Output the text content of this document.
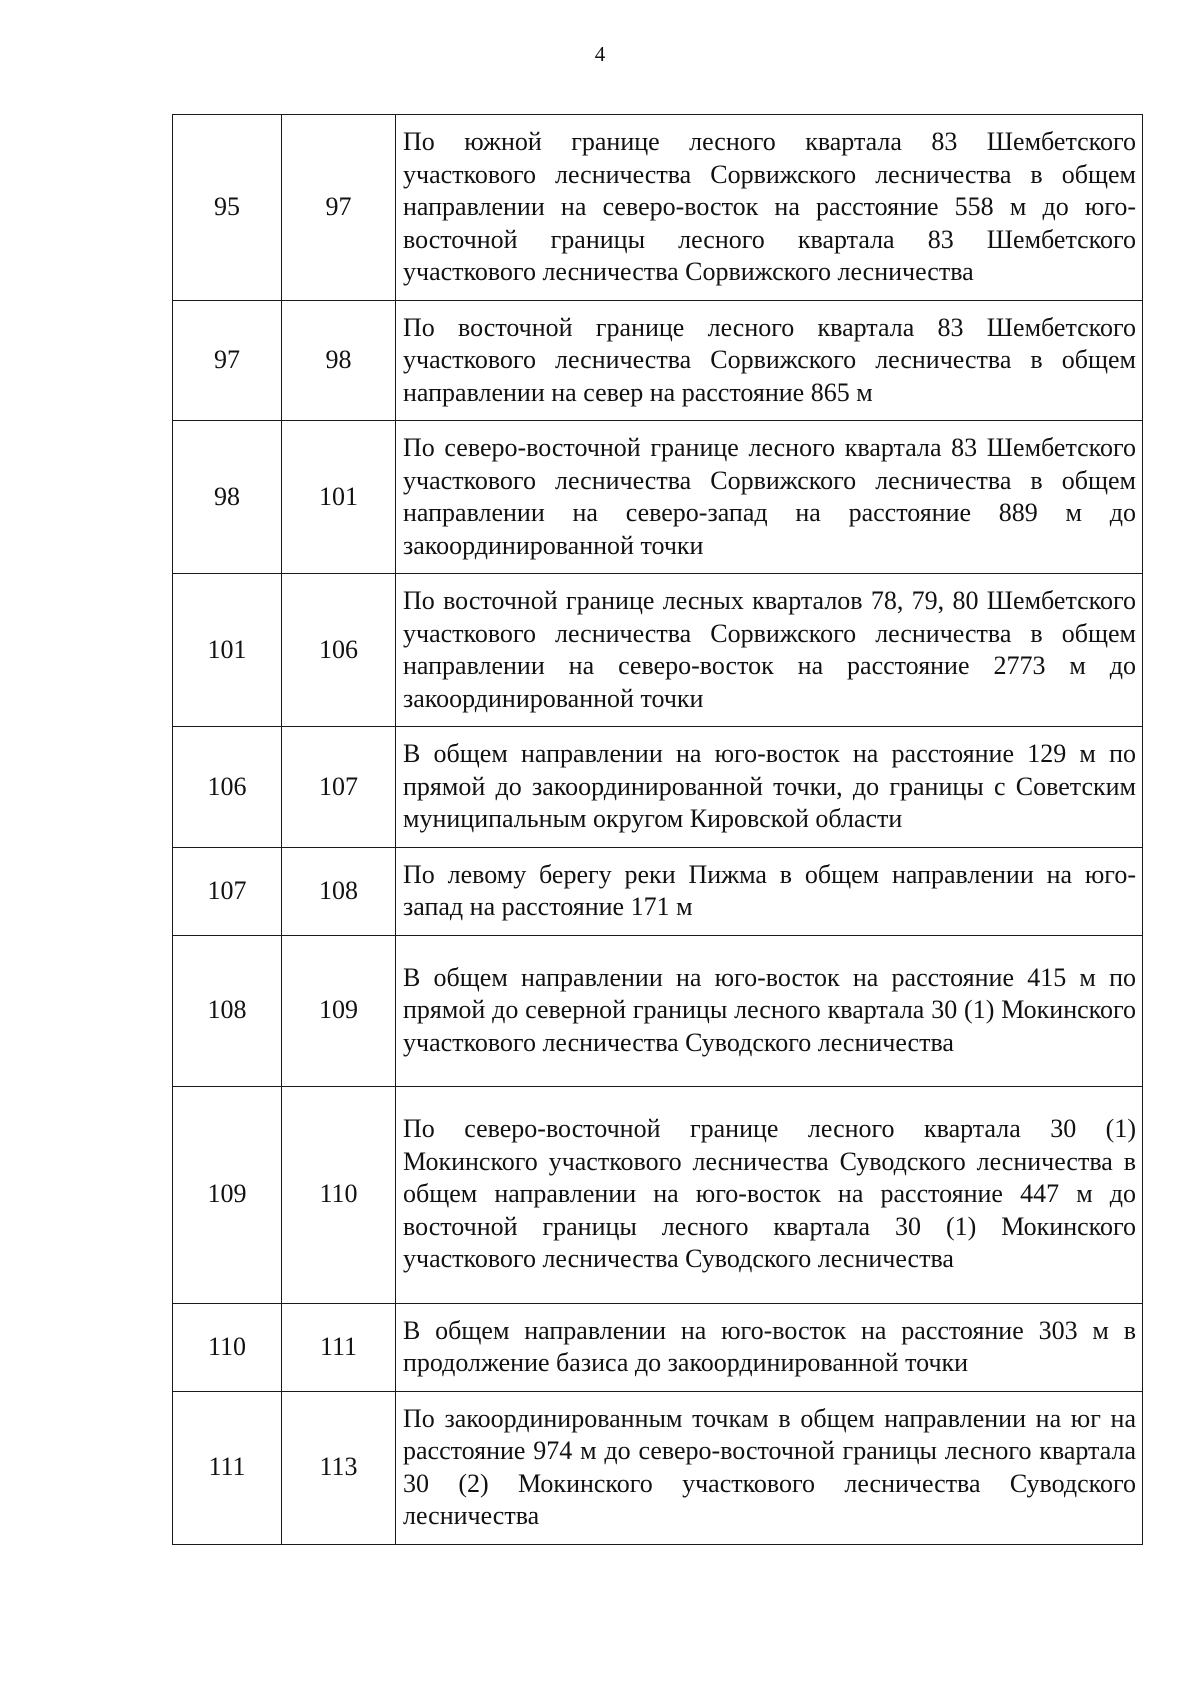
4
95	97	По южной границе лесного квартала 83 Шембетского участкового лесничества Сорвижского лесничества в общем направлении на северо-восток на расстояние 558 м до юго-восточной границы лесного квартала 83 Шембетского участкового лесничества Сорвижского лесничества
97	98	По восточной границе лесного квартала 83 Шембетского участкового лесничества Сорвижского лесничества в общем направлении на север на расстояние 865 м
98	101	По северо-восточной границе лесного квартала 83 Шембетского участкового лесничества Сорвижского лесничества в общем направлении на северо-запад на расстояние 889 м до закоординированной точки
101	106	По восточной границе лесных кварталов 78, 79, 80 Шембетского участкового лесничества Сорвижского лесничества в общем направлении на северо-восток на расстояние 2773 м до закоординированной точки
106	107	В общем направлении на юго-восток на расстояние 129 м по прямой до закоординированной точки, до границы с Советским муниципальным округом Кировской области
107	108	По левому берегу реки Пижма в общем направлении на юго-запад на расстояние 171 м
108	109	В общем направлении на юго-восток на расстояние 415 м по прямой до северной границы лесного квартала 30 (1) Мокинского участкового лесничества Суводского лесничества
109	110	По северо-восточной границе лесного квартала 30 (1) Мокинского участкового лесничества Суводского лесничества в общем направлении на юго-восток на расстояние 447 м до восточной границы лесного квартала 30 (1) Мокинского участкового лесничества Суводского лесничества
110	111	В общем направлении на юго-восток на расстояние 303 м в продолжение базиса до закоординированной точки
111	113	По закоординированным точкам в общем направлении на юг на расстояние 974 м до северо-восточной границы лесного квартала 30 (2) Мокинского участкового лесничества Суводского лесничества
